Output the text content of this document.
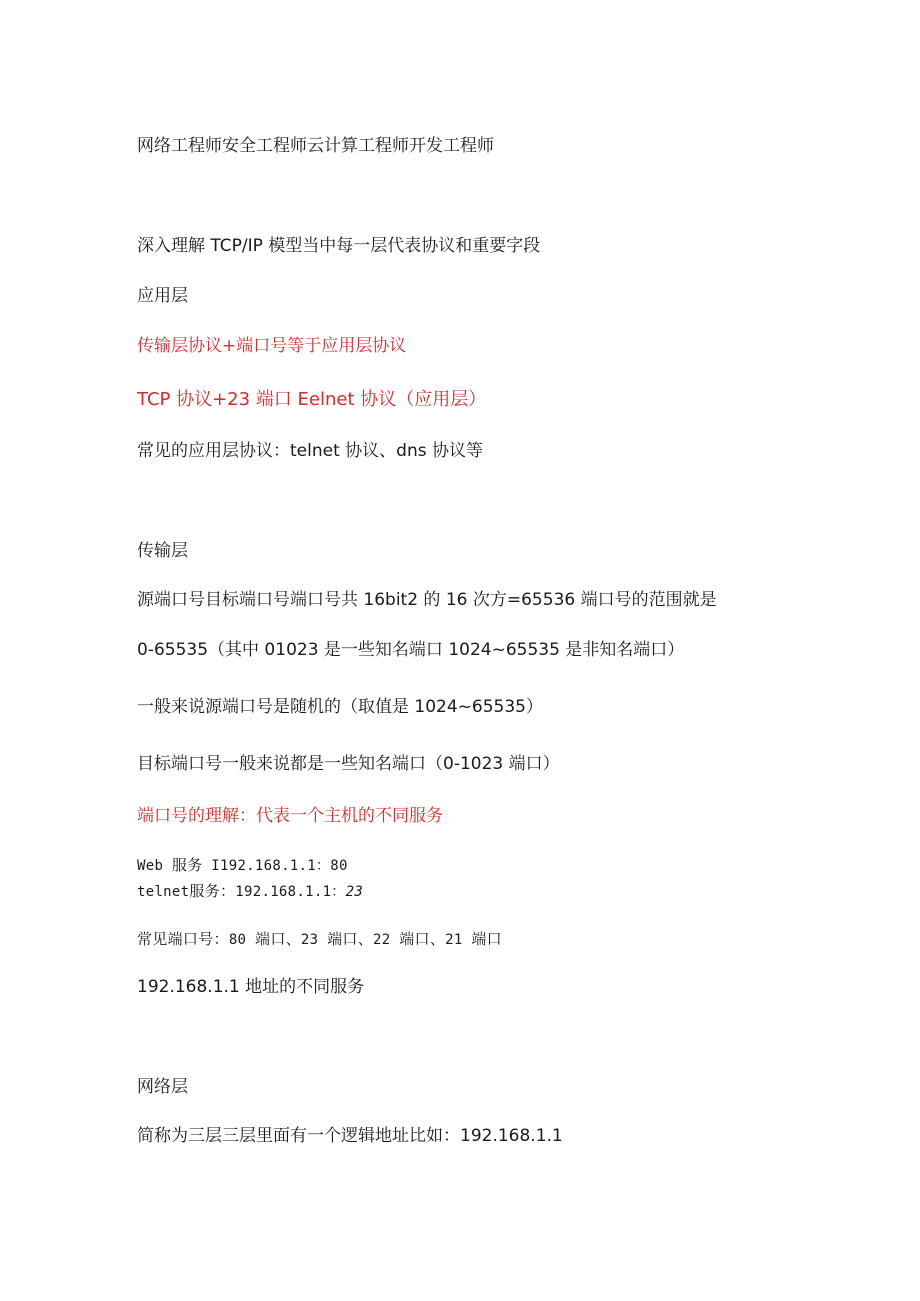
网络工程师安全工程师云计算工程师开发工程师
深入理解 TCP/IP 模型当中每一层代表协议和重要字段
应用层
传输层协议+端口号等于应用层协议
TCP 协议+23 端口 Eelnet 协议（应用层）
常见的应用层协议：telnet 协议、dns 协议等
传输层
源端口号目标端口号端口号共 16bit2 的 16 次方=65536 端口号的范围就是
0-65535（其中 01023 是一些知名端口 1024~65535 是非知名端口）
一般来说源端口号是随机的（取值是 1024~65535）
目标端口号一般来说都是一些知名端口（0-1023 端口）
端口号的理解：代表一个主机的不同服务
Web 服务 I192.168.1.1：80
telnet服务：192.168.1.1：23
常见端口号：80 端口、23 端口、22 端口、21 端口
192.168.1.1 地址的不同服务
网络层
简称为三层三层里面有一个逻辑地址比如：192.168.1.1
